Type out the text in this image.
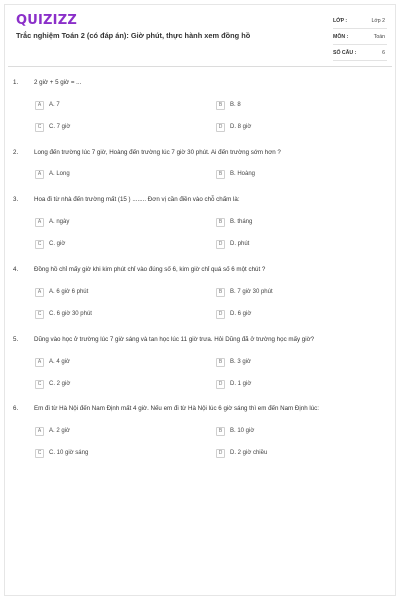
QUIZIZZ
Trắc nghiệm Toán 2 (có đáp án): Giờ phút, thực hành xem đồng hồ
LỚP :	Lớp 2
MÔN :	Toán
SỐ CÂU :	6
1.	2 giờ + 5 giờ = ...
A	A. 7	B	B. 8
C	C. 7 giờ	D	D. 8 giờ
2.	Long đến trường lúc 7 giờ, Hoàng đến trường lúc 7 giờ 30 phút. Ai đến trường sớm hơn ?
A	A. Long	B	B. Hoàng
3.	Hoa đi từ nhà đến trường mất (15 ) ........ Đơn vị cần điền vào chỗ chấm là:
A	A. ngày	B	B. tháng
C	C. giờ	D	D. phút
4.	Đồng hồ chỉ mấy giờ khi kim phút chỉ vào đúng số 6, kim giờ chỉ quá số 6 một chút ?
A	A. 6 giờ 6 phút	B	B. 7 giờ 30 phút
C	C. 6 giờ 30 phút	D	D. 6 giờ
5.	Dũng vào học ở trường lúc 7 giờ sáng và tan học lúc 11 giờ trưa. Hỏi Dũng đã ở trường học mấy giờ?
A	A. 4 giờ	B	B. 3 giờ
C	C. 2 giờ	D	D. 1 giờ
6.	Em đi từ Hà Nội đến Nam Định mất 4 giờ. Nếu em đi từ Hà Nội lúc 6 giờ sáng thì em đến Nam Định lúc:
A	A. 2 giờ	B	B. 10 giờ
C	C. 10 giờ sáng	D	D. 2 giờ chiều
